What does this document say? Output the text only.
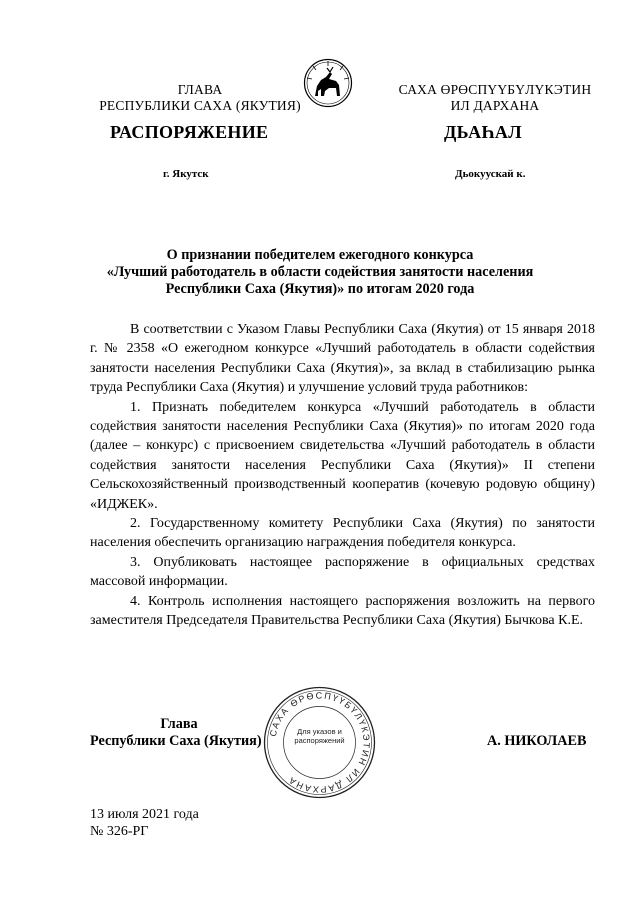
ГЛАВА
РЕСПУБЛИКИ САХА (ЯКУТИЯ)
САХА ӨРӨСПҮҮБҮЛҮКЭТИН
ИЛ ДАРХАНА
РАСПОРЯЖЕНИЕ	ДЬАҺАЛ
г. Якутск	Дьокуускай к.
О признании победителем ежегодного конкурса
«Лучший работодатель в области содействия занятости населения
Республики Саха (Якутия)» по итогам 2020 года

В соответствии с Указом Главы Республики Саха (Якутия) от 15 января 2018 г. № 2358 «О ежегодном конкурсе «Лучший работодатель в области содействия занятости населения Республики Саха (Якутия)», за вклад в стабилизацию рынка труда Республики Саха (Якутия) и улучшение условий труда работников:

1. Признать победителем конкурса «Лучший работодатель в области содействия занятости населения Республики Саха (Якутия)» по итогам 2020 года (далее – конкурс) с присвоением свидетельства «Лучший работодатель в области содействия занятости населения Республики Саха (Якутия)» II степени Сельскохозяйственный производственный кооператив (кочевую родовую общину) «ИДЖЕК».

2. Государственному комитету Республики Саха (Якутия) по занятости населения обеспечить организацию награждения победителя конкурса.

3. Опубликовать настоящее распоряжение в официальных средствах массовой информации.

4. Контроль исполнения настоящего распоряжения возложить на первого заместителя Председателя Правительства Республики Саха (Якутия) Бычкова К.Е.

Глава
Республики Саха (Якутия)
САХА ӨРӨСПҮҮБҮЛҮКЭТИН ИЛ ДАРХАНА
Для указов и распоряжений	А. НИКОЛАЕВ
13 июля 2021 года
№ 326-РГ
